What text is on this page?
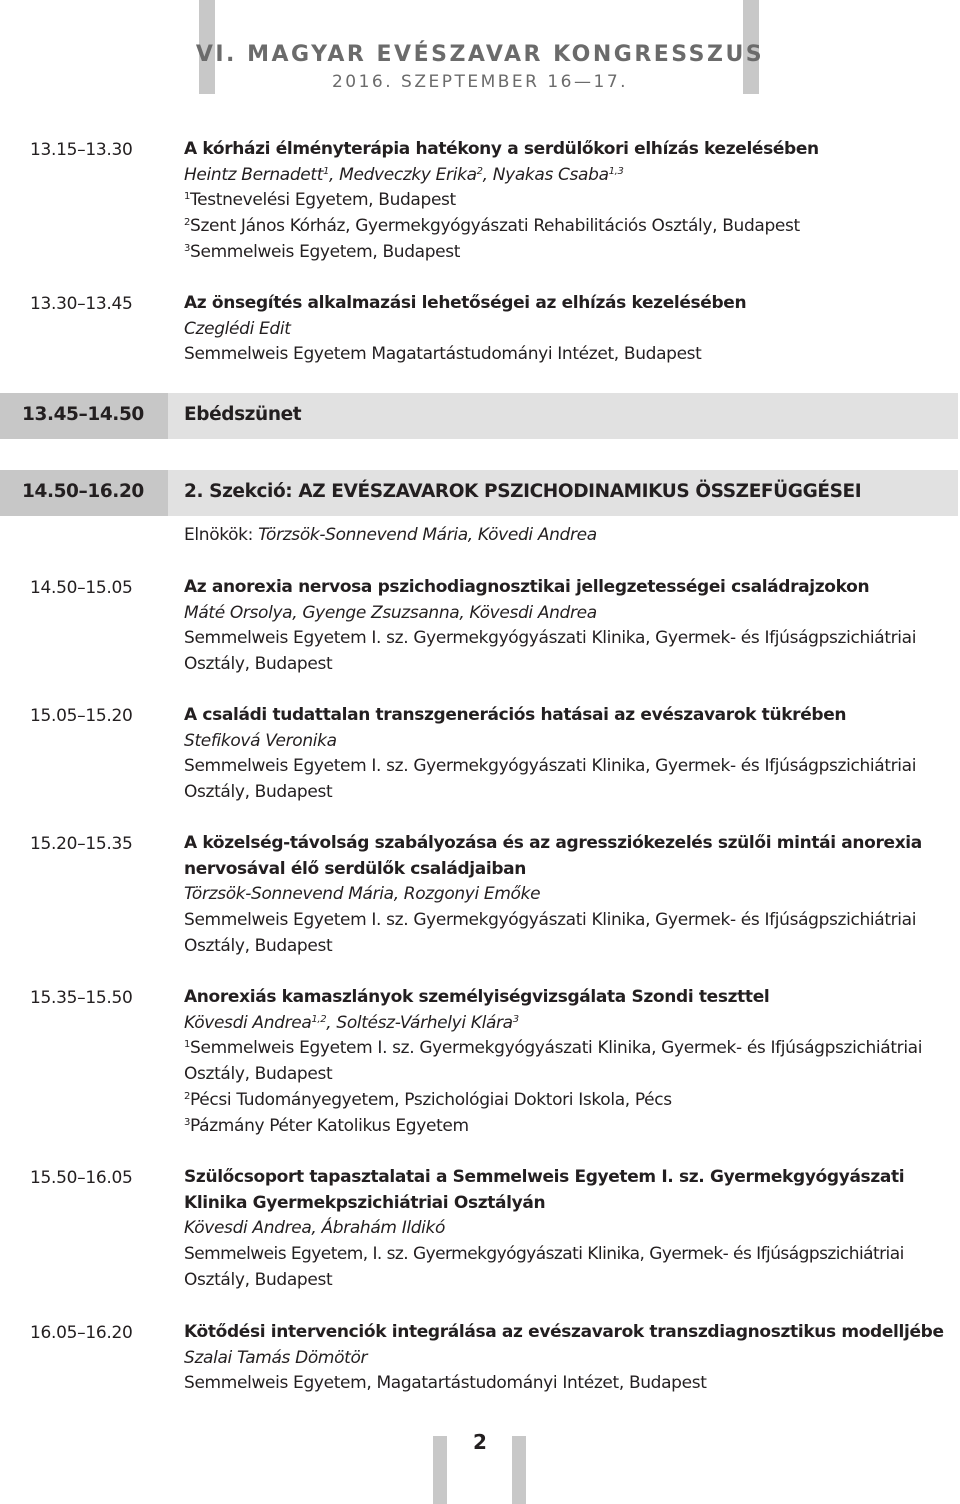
VI. MAGYAR EVÉSZAVAR KONGRESSZUS
2016. SZEPTEMBER 16—17.
13.15–13.30	A kórházi élményterápia hatékony a serdülőkori elhízás kezelésében
Heintz Bernadett$^1$, Medveczky Erika$^2$, Nyakas Csaba$^{1,3}$
$^1$Testnevelési Egyetem, Budapest
$^2$Szent János Kórház, Gyermekgyógyászati Rehabilitációs Osztály, Budapest
$^3$Semmelweis Egyetem, Budapest
13.30–13.45	Az önsegítés alkalmazási lehetőségei az elhízás kezelésében
Czeglédi Edit
Semmelweis Egyetem Magatartástudományi Intézet, Budapest
13.45–14.50 Ebédszünet
14.50–16.20 2. Szekció: AZ EVÉSZAVAROK PSZICHODINAMIKUS ÖSSZEFÜGGÉSEI
Elnökök: Törzsök-Sonnevend Mária, Kövedi Andrea
14.50–15.05	Az anorexia nervosa pszichodiagnosztikai jellegzetességei családrajzokon
Máté Orsolya, Gyenge Zsuzsanna, Kövesdi Andrea
Semmelweis Egyetem I. sz. Gyermekgyógyászati Klinika, Gyermek- és Ifjúságpszichiátriai
Osztály, Budapest
15.05–15.20	A családi tudattalan transzgenerációs hatásai az evészavarok tükrében
Stefiková Veronika
Semmelweis Egyetem I. sz. Gyermekgyógyászati Klinika, Gyermek- és Ifjúságpszichiátriai
Osztály, Budapest
15.20–15.35	A közelség-távolság szabályozása és az agressziókezelés szülői mintái anorexia
nervosával élő serdülők családjaiban
Törzsök-Sonnevend Mária, Rozgonyi Emőke
Semmelweis Egyetem I. sz. Gyermekgyógyászati Klinika, Gyermek- és Ifjúságpszichiátriai
Osztály, Budapest
15.35–15.50	Anorexiás kamaszlányok személyiségvizsgálata Szondi teszttel
Kövesdi Andrea$^{1,2}$, Soltész-Várhelyi Klára$^3$
$^1$Semmelweis Egyetem I. sz. Gyermekgyógyászati Klinika, Gyermek- és Ifjúságpszichiátriai
Osztály, Budapest
$^2$Pécsi Tudományegyetem, Pszichológiai Doktori Iskola, Pécs
$^3$Pázmány Péter Katolikus Egyetem
15.50–16.05	Szülőcsoport tapasztalatai a Semmelweis Egyetem I. sz. Gyermekgyógyászati
Klinika Gyermekpszichiátriai Osztályán
Kövesdi Andrea, Ábrahám Ildikó
Semmelweis Egyetem, I. sz. Gyermekgyógyászati Klinika, Gyermek- és Ifjúságpszichiátriai
Osztály, Budapest
16.05–16.20	Kötődési intervenciók integrálása az evészavarok transzdiagnosztikus modelljébe
Szalai Tamás Dömötör
Semmelweis Egyetem, Magatartástudományi Intézet, Budapest
2
